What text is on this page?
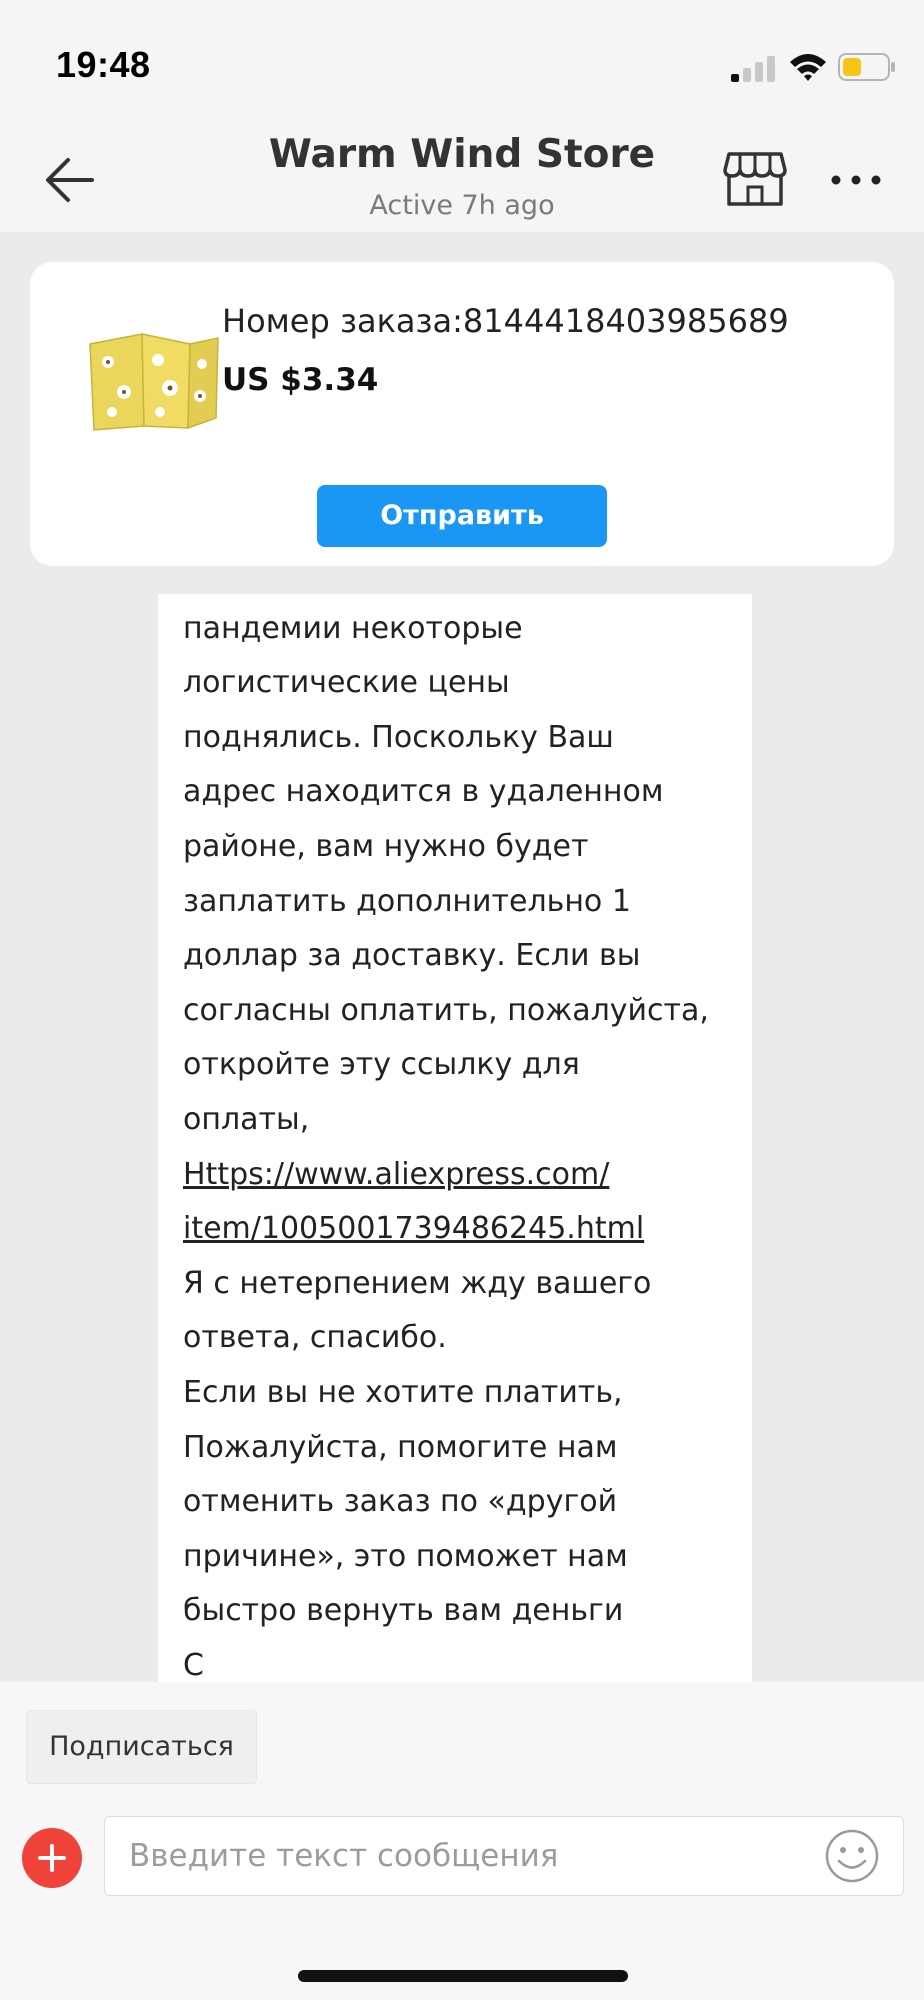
19:48
Warm Wind Store
Active 7h ago
пандемии некоторые
логистические цены
поднялись. Поскольку Ваш
адрес находится в удаленном
районе, вам нужно будет
заплатить дополнительно 1
доллар за доставку. Если вы
согласны оплатить, пожалуйста,
откройте эту ссылку для
оплаты,
Https://www.aliexpress.com/
item/1005001739486245.html
Я с нетерпением жду вашего
ответа, спасибо.
Если вы не хотите платить,
Пожалуйста, помогите нам
отменить заказ по «другой
причине», это поможет нам
быстро вернуть вам деньги
С
Номер заказа:8144418403985689
US $3.34
Отправить
Подписаться
Введите текст сообщения
